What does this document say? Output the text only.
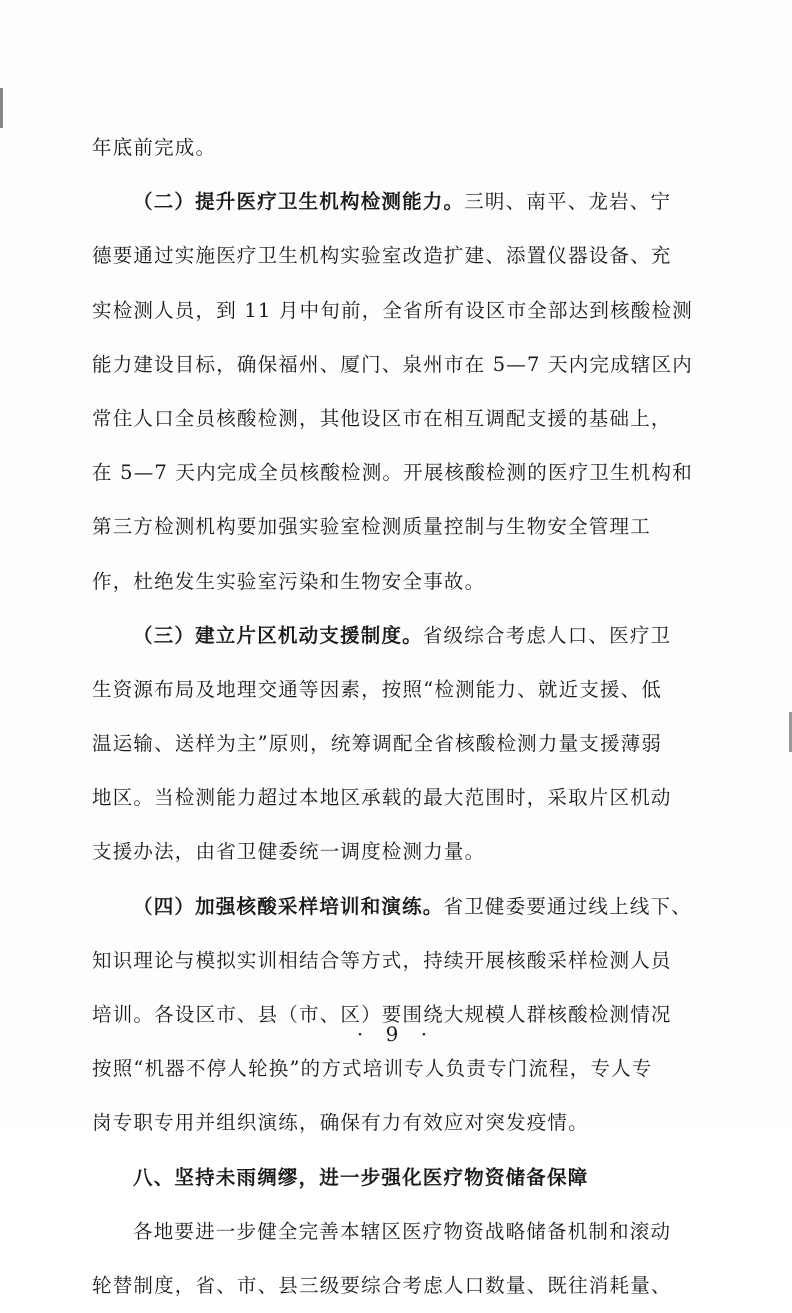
年底前完成。
（二）提升医疗卫生机构检测能力。三明、南平、龙岩、宁
德要通过实施医疗卫生机构实验室改造扩建、添置仪器设备、充
实检测人员，到 11 月中旬前，全省所有设区市全部达到核酸检测
能力建设目标，确保福州、厦门、泉州市在 5—7 天内完成辖区内
常住人口全员核酸检测，其他设区市在相互调配支援的基础上，
在 5—7 天内完成全员核酸检测。开展核酸检测的医疗卫生机构和
第三方检测机构要加强实验室检测质量控制与生物安全管理工
作，杜绝发生实验室污染和生物安全事故。
（三）建立片区机动支援制度。省级综合考虑人口、医疗卫
生资源布局及地理交通等因素，按照“检测能力、就近支援、低
温运输、送样为主”原则，统筹调配全省核酸检测力量支援薄弱
地区。当检测能力超过本地区承载的最大范围时，采取片区机动
支援办法，由省卫健委统一调度检测力量。
（四）加强核酸采样培训和演练。省卫健委要通过线上线下、
知识理论与模拟实训相结合等方式，持续开展核酸采样检测人员
培训。各设区市、县（市、区）要围绕大规模人群核酸检测情况
按照“机器不停人轮换”的方式培训专人负责专门流程，专人专
岗专职专用并组织演练，确保有力有效应对突发疫情。
八、坚持未雨绸缪，进一步强化医疗物资储备保障
各地要进一步健全完善本辖区医疗物资战略储备机制和滚动
轮替制度，省、市、县三级要综合考虑人口数量、既往消耗量、
· 9 ·
